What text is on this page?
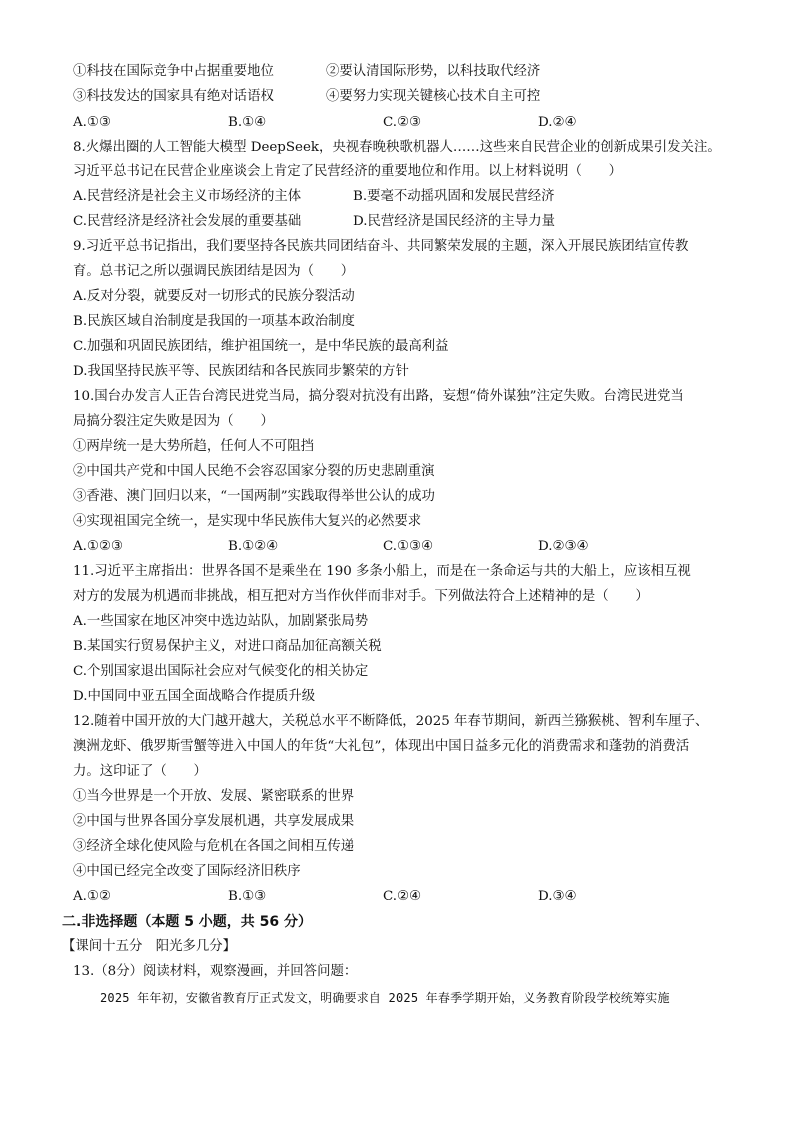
①科技在国际竞争中占据重要地位	②要认清国际形势，以科技取代经济
③科技发达的国家具有绝对话语权	④要努力实现关键核心技术自主可控
A.①③	B.①④	C.②③	D.②④
8.火爆出圈的人工智能大模型 DeepSeek，央视春晚秧歌机器人……这些来自民营企业的创新成果引发关注。
习近平总书记在民营企业座谈会上肯定了民营经济的重要地位和作用。以上材料说明（　　）
A.民营经济是社会主义市场经济的主体	B.要毫不动摇巩固和发展民营经济
C.民营经济是经济社会发展的重要基础	D.民营经济是国民经济的主导力量
9.习近平总书记指出，我们要坚持各民族共同团结奋斗、共同繁荣发展的主题，深入开展民族团结宣传教
育。总书记之所以强调民族团结是因为（　　）
A.反对分裂，就要反对一切形式的民族分裂活动
B.民族区域自治制度是我国的一项基本政治制度
C.加强和巩固民族团结，维护祖国统一，是中华民族的最高利益
D.我国坚持民族平等、民族团结和各民族同步繁荣的方针
10.国台办发言人正告台湾民进党当局，搞分裂对抗没有出路，妄想“倚外谋独”注定失败。台湾民进党当
局搞分裂注定失败是因为（　　）
①两岸统一是大势所趋，任何人不可阻挡
②中国共产党和中国人民绝不会容忍国家分裂的历史悲剧重演
③香港、澳门回归以来，“一国两制”实践取得举世公认的成功
④实现祖国完全统一，是实现中华民族伟大复兴的必然要求
A.①②③	B.①②④	C.①③④	D.②③④
11.习近平主席指出：世界各国不是乘坐在 190 多条小船上，而是在一条命运与共的大船上，应该相互视
对方的发展为机遇而非挑战，相互把对方当作伙伴而非对手。下列做法符合上述精神的是（　　）
A.一些国家在地区冲突中选边站队，加剧紧张局势
B.某国实行贸易保护主义，对进口商品加征高额关税
C.个别国家退出国际社会应对气候变化的相关协定
D.中国同中亚五国全面战略合作提质升级
12.随着中国开放的大门越开越大，关税总水平不断降低，2025 年春节期间，新西兰猕猴桃、智利车厘子、
澳洲龙虾、俄罗斯雪蟹等进入中国人的年货“大礼包”，体现出中国日益多元化的消费需求和蓬勃的消费活
力。这印证了（　　）
①当今世界是一个开放、发展、紧密联系的世界
②中国与世界各国分享发展机遇，共享发展成果
③经济全球化使风险与危机在各国之间相互传递
④中国已经完全改变了国际经济旧秩序
A.①②	B.①③	C.②④	D.③④
二.非选择题（本题 5 小题，共 56 分）
【课间十五分　阳光多几分】
13.（8分）阅读材料，观察漫画，并回答问题：
2025 年年初，安徽省教育厅正式发文，明确要求自 2025 年春季学期开始，义务教育阶段学校统筹实施
